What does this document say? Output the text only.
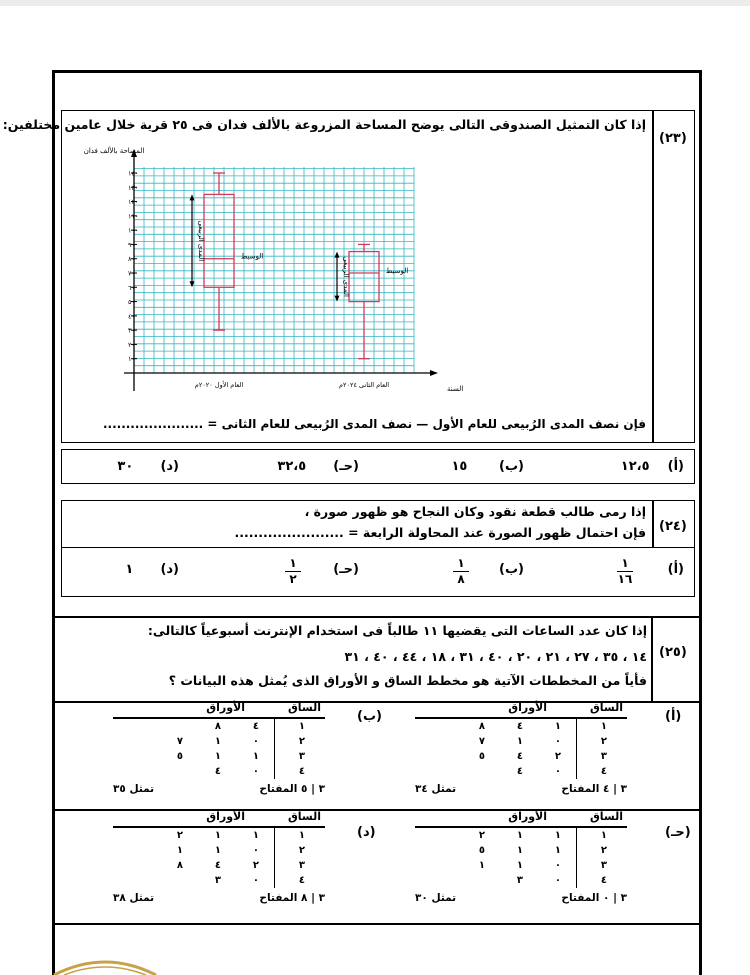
(٢٣)
إذا كان التمثيل الصندوقى التالى يوضح المساحة المزروعة بالألف فدان فى ٢٥ قرية خلال عامين مختلفين:
١٠
٢٠
٣٠
٤٠
٥٠
٦٠
٧٠
٨٠
٩٠
١٠٠
١١٠
١٢٠
١٣٠
١٤٠
المدى الربيعى	الوسيط
العام الأول ٢٠٢٠م
المدى الربيعى	الوسيط
العام الثانى ٢٠٢٤م
المساحة بالألف فدان
السنة
فإن نصف المدى الرُبيعى للعام الأول — نصف المدى الرُبيعى للعام الثانى = ......................
(أ)    ١٢،٥
(ب)       ١٥
(حـ)      ٣٢،٥
(د)      ٣٠
(٢٤)
إذا رمى طالب قطعة نقود وكان النجاح هو ظهور صورة ،
فإن احتمال ظهور الصورة عند المحاولة الرابعة = .......................
(أ)
١
١٦
(ب)
١
٨
(حـ)
١
٢
(د)      ١
(٢٥)
إذا كان عدد الساعات التى يقضيها ١١ طالباً فى استخدام الإنترنت أسبوعياً كالتالى:
١٤ ، ٣٥ ، ٢٧ ، ٢١ ، ٢٠ ، ٤٠ ، ٣١ ، ١٨ ، ٤٤ ، ٤٠ ، ٣١
فأياً من المخططات الآتية هو مخطط الساق و الأوراق الذى يُمثل هذه البيانات ؟
(أ)
(ب)
الساق
الأوراق
١
١
٤
٨
٢
٠
١
٧
٣
٢
٤
٥
٤
٠
٤
٣ | ٤ المفتاح
تمثل ٣٤
الساق
الأوراق
١
٤
٨
٢
٠
١
٧
٣
١
١
٥
٤
٠
٤
٣ | ٥ المفتاح
تمثل ٣٥
(حـ)
(د)
الساق
الأوراق
١
١
١
٢
٢
١
١
٥
٣
٠
١
١
٤
٠
٣
٣ | ٠ المفتاح
تمثل ٣٠
الساق
الأوراق
١
١
١
٢
٢
٠
١
١
٣
٢
٤
٨
٤
٠
٣
٣ | ٨ المفتاح
تمثل ٣٨
